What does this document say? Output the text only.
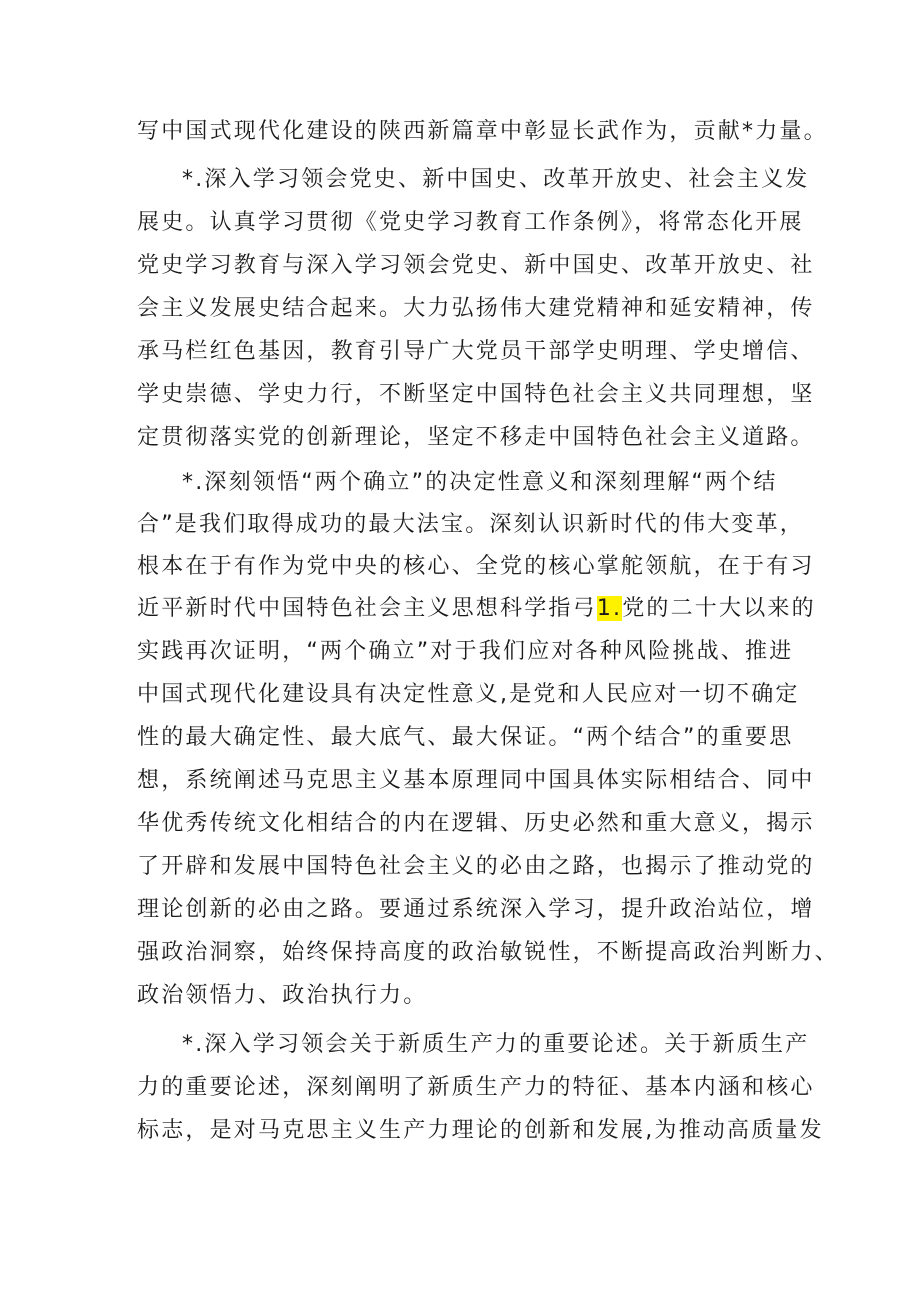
写中国式现代化建设的陕西新篇章中彰显长武作为，贡献*力量。
*.深入学习领会党史、新中国史、改革开放史、社会主义发
展史。认真学习贯彻《党史学习教育工作条例》，将常态化开展
党史学习教育与深入学习领会党史、新中国史、改革开放史、社
会主义发展史结合起来。大力弘扬伟大建党精神和延安精神，传
承马栏红色基因，教育引导广大党员干部学史明理、学史增信、
学史崇德、学史力行，不断坚定中国特色社会主义共同理想，坚
定贯彻落实党的创新理论，坚定不移走中国特色社会主义道路。
*.深刻领悟“两个确立”的决定性意义和深刻理解“两个结
合”是我们取得成功的最大法宝。深刻认识新时代的伟大变革，
根本在于有作为党中央的核心、全党的核心掌舵领航，在于有习
近平新时代中国特色社会主义思想科学指弓1.党的二十大以来的
实践再次证明，“两个确立”对于我们应对各种风险挑战、推进
中国式现代化建设具有决定性意义,是党和人民应对一切不确定
性的最大确定性、最大底气、最大保证。“两个结合”的重要思
想，系统阐述马克思主义基本原理同中国具体实际相结合、同中
华优秀传统文化相结合的内在逻辑、历史必然和重大意义，揭示
了开辟和发展中国特色社会主义的必由之路，也揭示了推动党的
理论创新的必由之路。要通过系统深入学习，提升政治站位，增
强政治洞察，始终保持高度的政治敏锐性，不断提高政治判断力、
政治领悟力、政治执行力。
*.深入学习领会关于新质生产力的重要论述。关于新质生产
力的重要论述，深刻阐明了新质生产力的特征、基本内涵和核心
标志，是对马克思主义生产力理论的创新和发展,为推动高质量发
